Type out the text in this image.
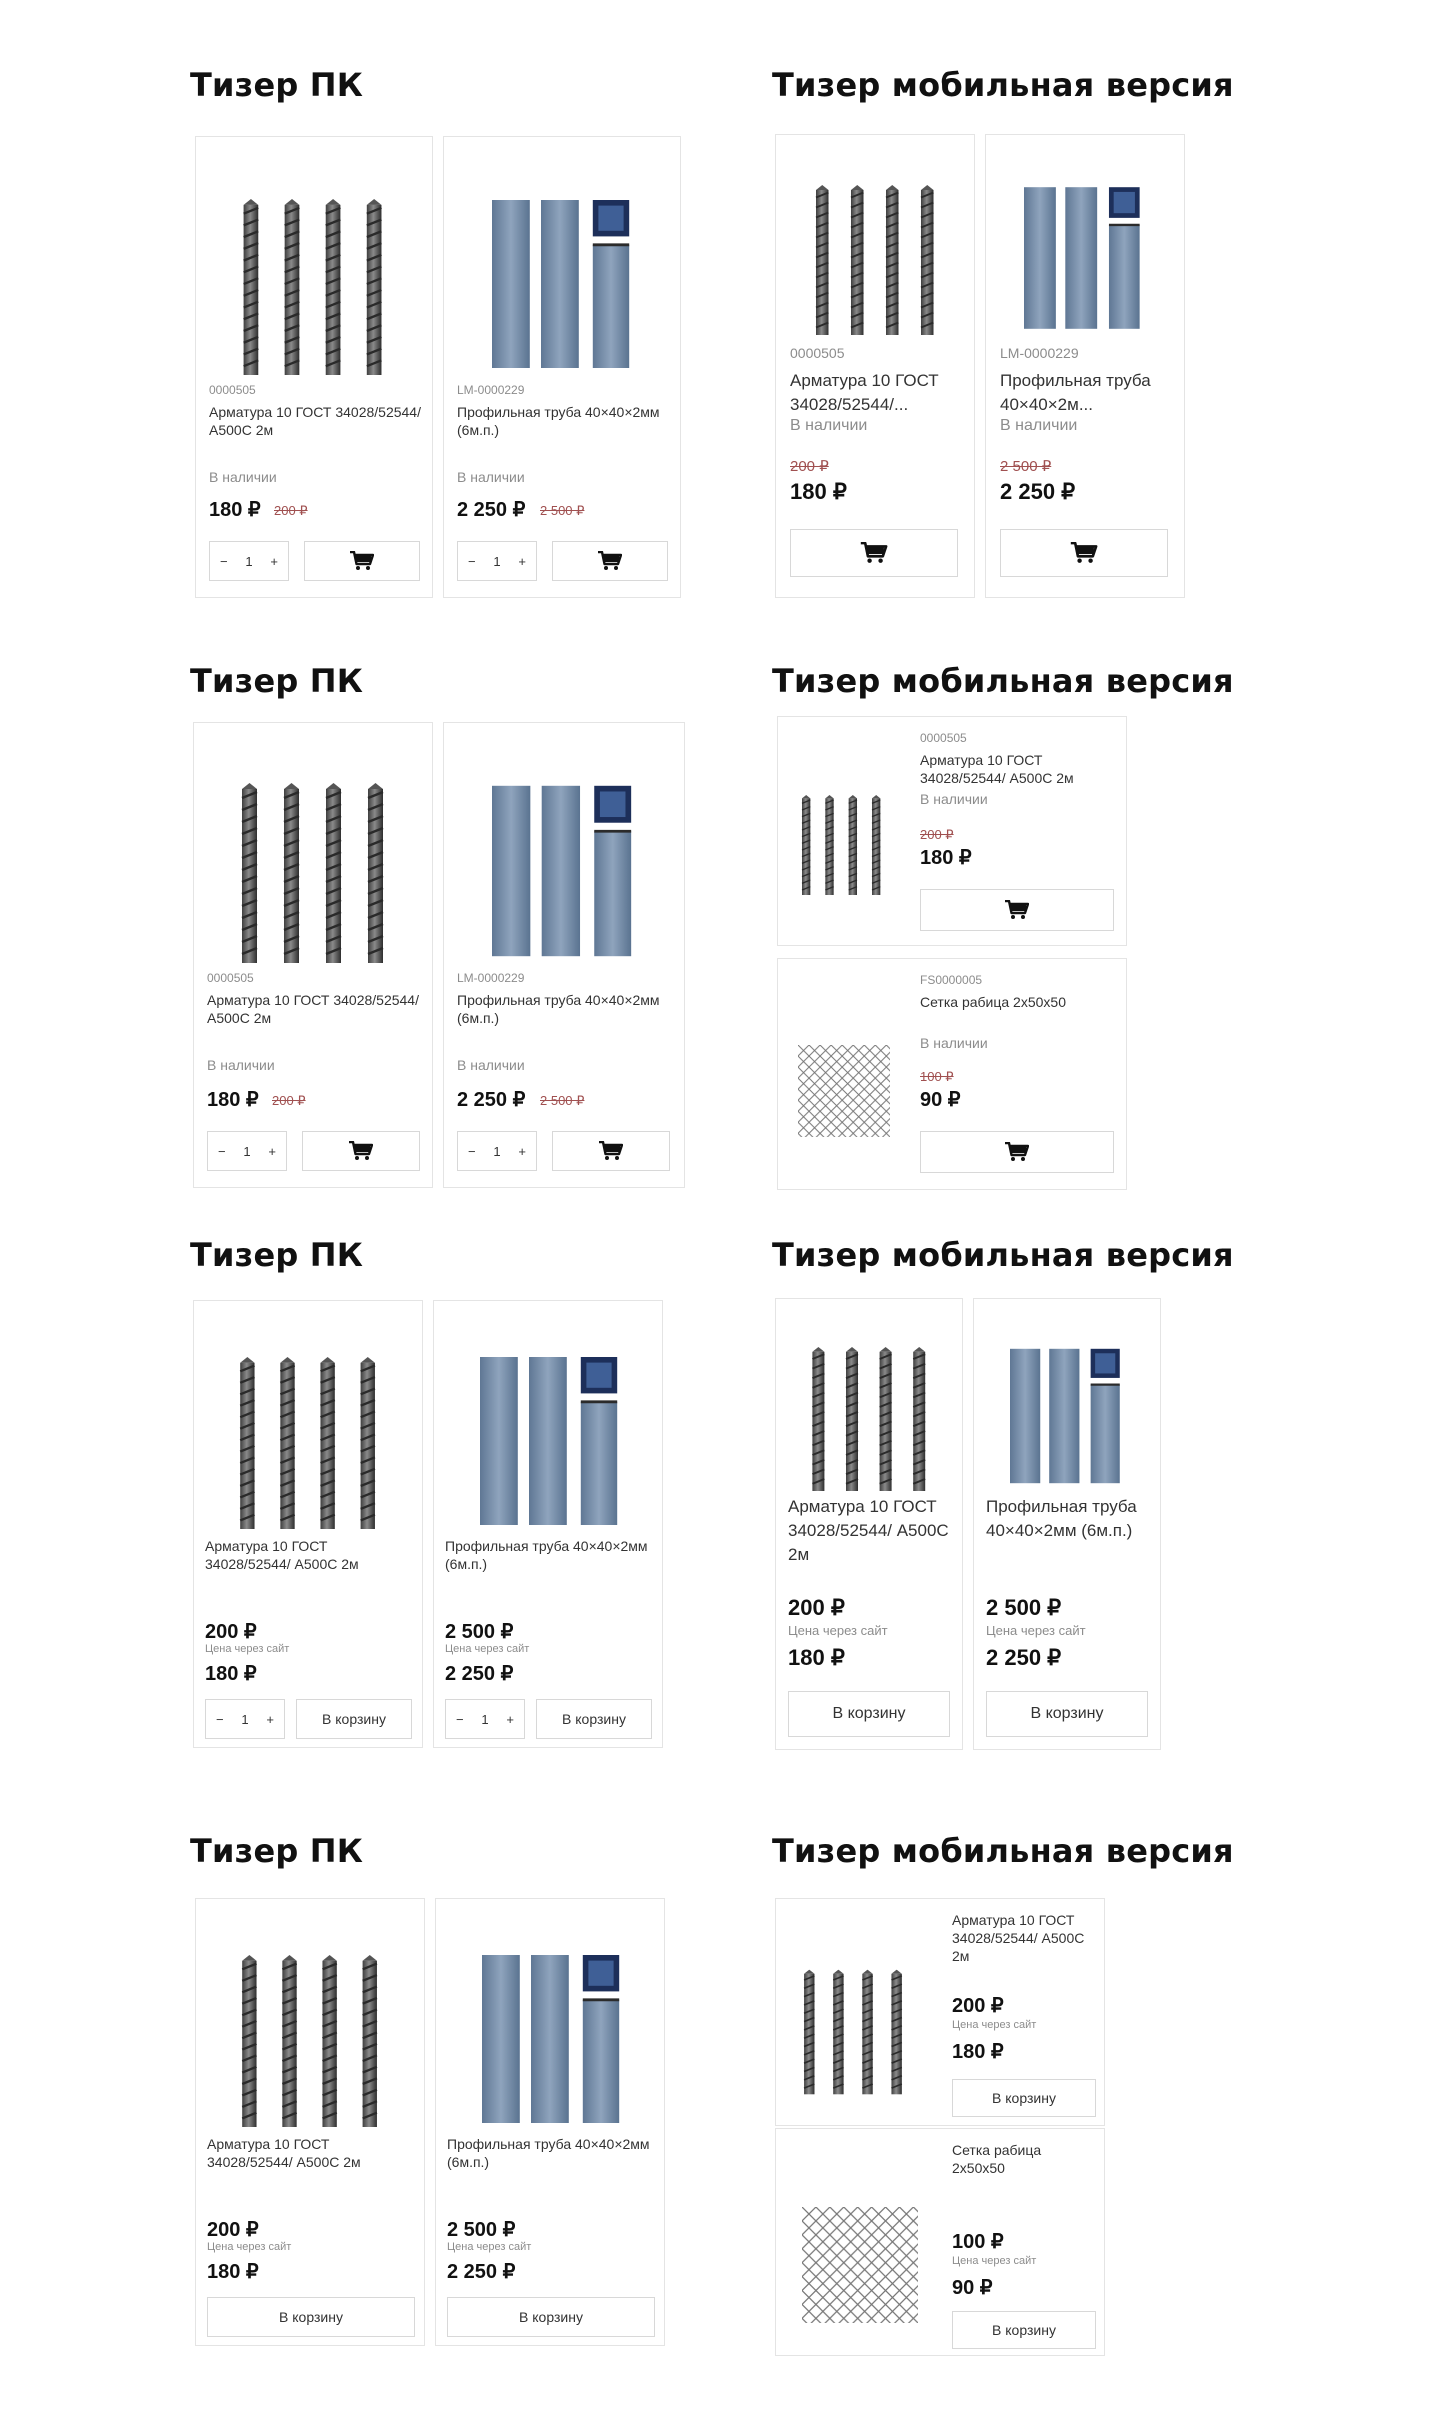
Тизер ПК	Тизер мобильная версия
0000505
Арматура 10 ГОСТ 34028/52544/ А500С 2м
В наличии
180 ₽ 200 ₽
− 1 +
LM-0000229
Профильная труба 40×40×2мм (6м.п.)
В наличии
2 250 ₽ 2 500 ₽
− 1 +
0000505
Арматура 10 ГОСТ 34028/52544/...
В наличии
200 ₽
180 ₽
LM-0000229
Профильная труба 40×40×2м...
В наличии
2 500 ₽
2 250 ₽
Тизер ПК	Тизер мобильная версия
0000505
Арматура 10 ГОСТ 34028/52544/ А500С 2м
В наличии
180 ₽ 200 ₽
− 1 +
LM-0000229
Профильная труба 40×40×2мм (6м.п.)
В наличии
2 250 ₽ 2 500 ₽
− 1 +
0000505
Арматура 10 ГОСТ 34028/52544/ А500С 2м
В наличии
200 ₽
180 ₽
FS0000005
Сетка рабица 2х50х50
В наличии
100 ₽
90 ₽
Тизер ПК	Тизер мобильная версия
Арматура 10 ГОСТ 34028/52544/ А500С 2м
200 ₽
Цена через сайт
180 ₽
− 1 +	В корзину
Профильная труба 40×40×2мм (6м.п.)
2 500 ₽
Цена через сайт
2 250 ₽
− 1 +	В корзину
Арматура 10 ГОСТ 34028/52544/ А500С 2м
200 ₽
Цена через сайт
180 ₽
В корзину
Профильная труба 40×40×2мм (6м.п.)
2 500 ₽
Цена через сайт
2 250 ₽
В корзину
Тизер ПК	Тизер мобильная версия
Арматура 10 ГОСТ 34028/52544/ А500С 2м
200 ₽
Цена через сайт
180 ₽
В корзину
Профильная труба 40×40×2мм (6м.п.)
2 500 ₽
Цена через сайт
2 250 ₽
В корзину
Арматура 10 ГОСТ 34028/52544/ А500С 2м
200 ₽
Цена через сайт
180 ₽
В корзину
Сетка рабица 2х50х50
100 ₽
Цена через сайт
90 ₽
В корзину
